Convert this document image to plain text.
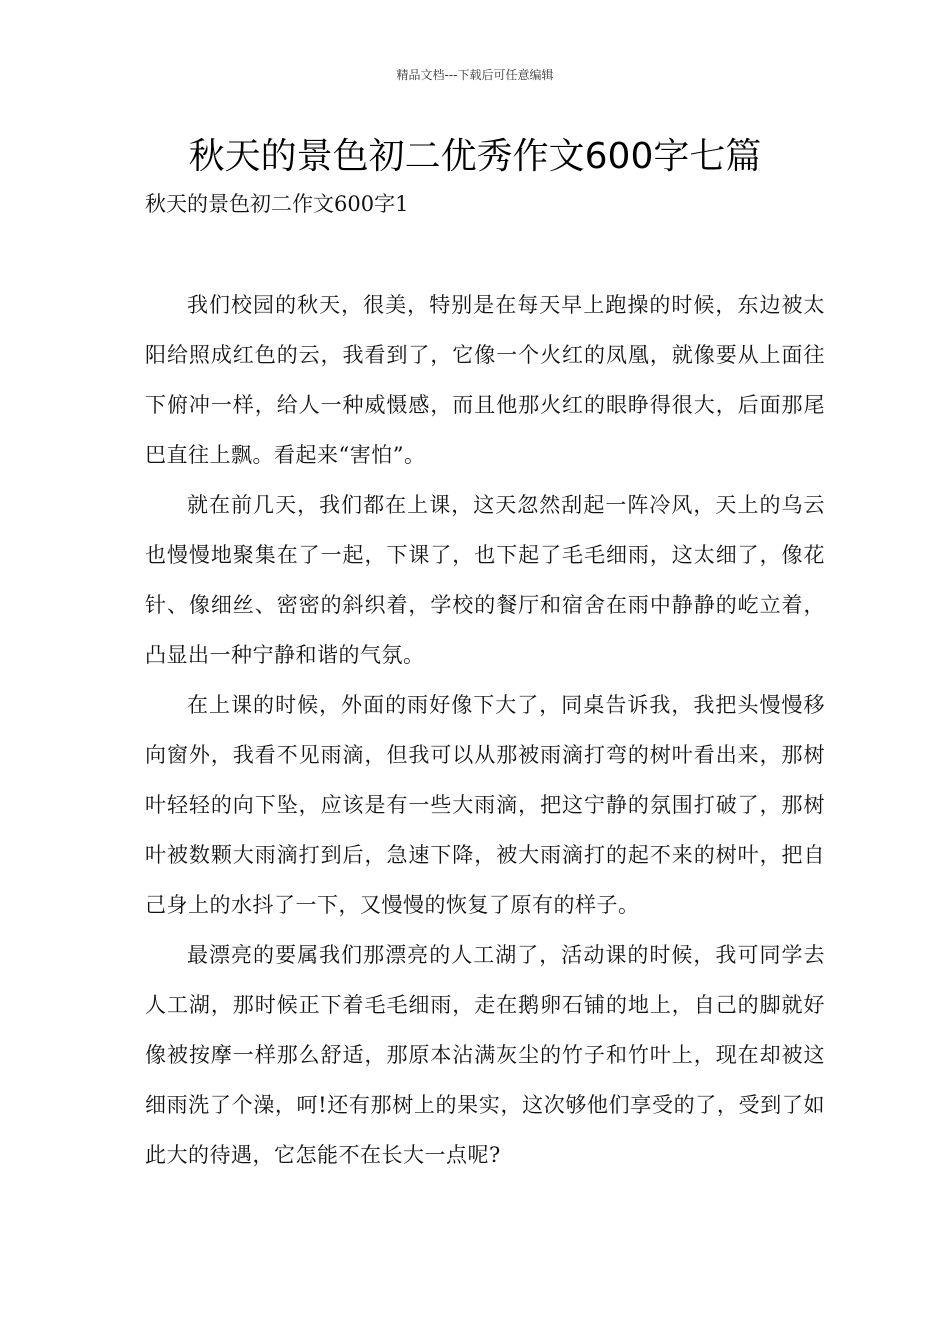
精品文档---下载后可任意编辑
秋天的景色初二优秀作文600字七篇
秋天的景色初二作文600字1

我们校园的秋天，很美，特别是在每天早上跑操的时候，东边被太阳给照成红色的云，我看到了，它像一个火红的凤凰，就像要从上面往下俯冲一样，给人一种威慑感，而且他那火红的眼睁得很大，后面那尾巴直往上飘。看起来“害怕”。

就在前几天，我们都在上课，这天忽然刮起一阵冷风，天上的乌云也慢慢地聚集在了一起，下课了，也下起了毛毛细雨，这太细了，像花针、像细丝、密密的斜织着，学校的餐厅和宿舍在雨中静静的屹立着，凸显出一种宁静和谐的气氛。

在上课的时候，外面的雨好像下大了，同桌告诉我，我把头慢慢移向窗外，我看不见雨滴，但我可以从那被雨滴打弯的树叶看出来，那树叶轻轻的向下坠，应该是有一些大雨滴，把这宁静的氛围打破了，那树叶被数颗大雨滴打到后，急速下降，被大雨滴打的起不来的树叶，把自己身上的水抖了一下，又慢慢的恢复了原有的样子。

最漂亮的要属我们那漂亮的人工湖了，活动课的时候，我可同学去人工湖，那时候正下着毛毛细雨，走在鹅卵石铺的地上，自己的脚就好像被按摩一样那么舒适，那原本沾满灰尘的竹子和竹叶上，现在却被这细雨洗了个澡，呵!还有那树上的果实，这次够他们享受的了，受到了如此大的待遇，它怎能不在长大一点呢?
